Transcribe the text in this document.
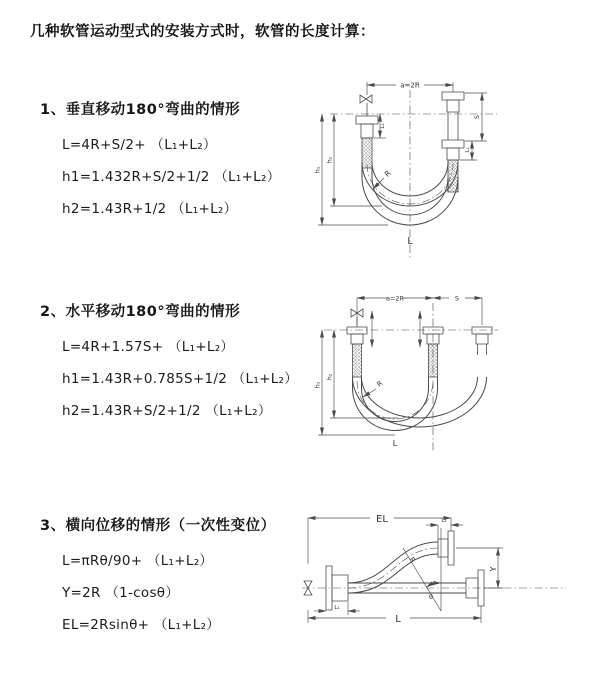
几种软管运动型式的安装方式时，软管的长度计算：
1、垂直移动180°弯曲的情形
L=4R+S/2+ （L₁+L₂）
h1=1.432R+S/2+1/2 （L₁+L₂）
h2=1.43R+1/2 （L₁+L₂）
2、水平移动180°弯曲的情形
L=4R+1.57S+ （L₁+L₂）
h1=1.43R+0.785S+1/2 （L₁+L₂）
h2=1.43R+S/2+1/2 （L₁+L₂）
3、横向位移的情形（一次性变位）
L=πRθ/90+ （L₁+L₂）
Y=2R （1-cosθ）
EL=2Rsinθ+ （L₁+L₂）
a=2R
S
L₁
h₁
h₂
L₁
R
L
a=2R	S
h₁
h₂
R
L
EL	L₁
Y
L
L₁
R
θ
